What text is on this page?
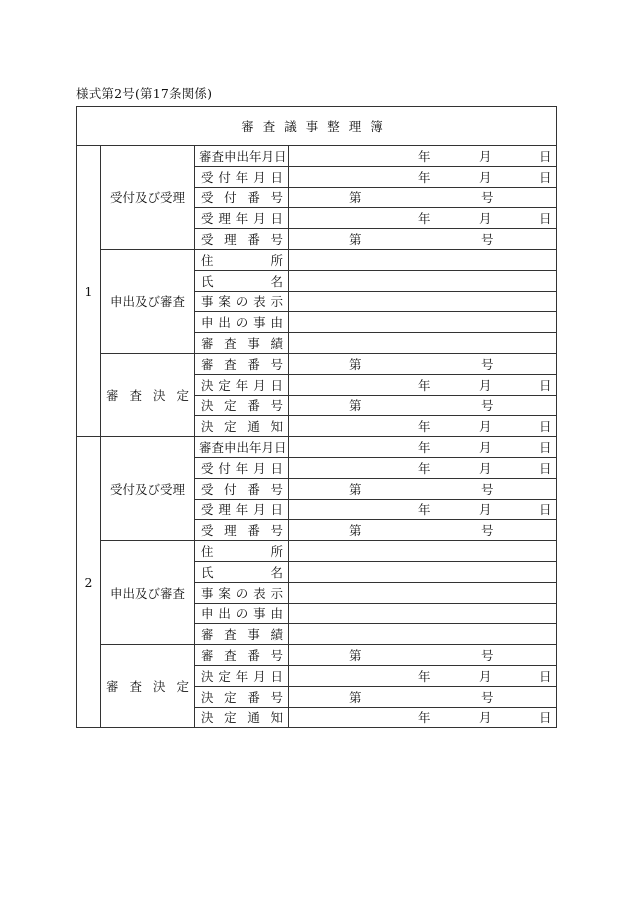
様式第2号(第17条関係)
審査議事整理簿			
1	受付及び受理	審査申出年月日	年 月 日

		受付年月日	年 月 日

		受付番号	第 号

		受理年月日	年 月 日

		受理番号	第 号

	申出及び審査	住所	
		氏名	
		事案の表示	
		申出の事由	
		審査事績	
	審査決定	審査番号	第 号

		決定年月日	年 月 日

		決定番号	第 号

		決定通知	年 月 日

2	受付及び受理	審査申出年月日	年 月 日

		受付年月日	年 月 日

		受付番号	第 号

		受理年月日	年 月 日

		受理番号	第 号

	申出及び審査	住所	
		氏名	
		事案の表示	
		申出の事由	
		審査事績	
	審査決定	審査番号	第 号

		決定年月日	年 月 日

		決定番号	第 号

		決定通知	年 月 日
